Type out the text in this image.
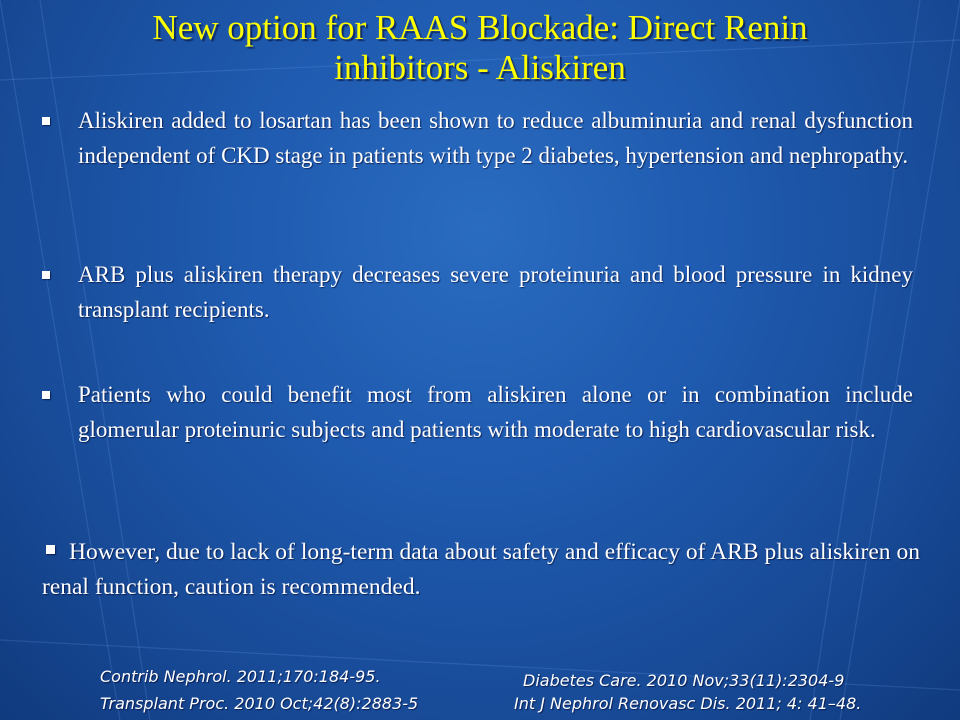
New option for RAAS Blockade: Direct Renin
inhibitors - Aliskiren
Aliskiren added to losartan has been shown to reduce albuminuria and renal dysfunction independent of CKD stage in patients with type 2 diabetes, hypertension and nephropathy.
ARB plus aliskiren therapy decreases severe proteinuria and blood pressure in kidney transplant recipients.
Patients who could benefit most from aliskiren alone or in combination include glomerular proteinuric subjects and patients with moderate to high cardiovascular risk.
However, due to lack of long-term data about safety and efficacy of ARB plus aliskiren on renal function, caution is recommended.
Contrib Nephrol. 2011;170:184-95.
Transplant Proc. 2010 Oct;42(8):2883-5
Diabetes Care. 2010 Nov;33(11):2304-9
Int J Nephrol Renovasc Dis. 2011; 4: 41–48.
